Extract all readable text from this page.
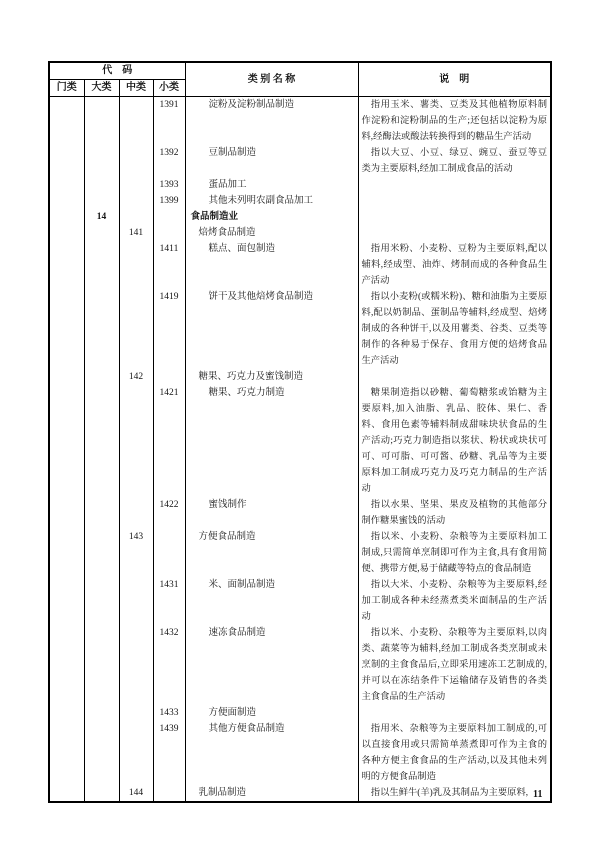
代　码				类 别 名 称	说　明
门类	大类	中类	小类		
			1391	淀粉及淀粉制品制造	指用玉米、薯类、豆类及其他植物原料制作淀粉和淀粉制品的生产;还包括以淀粉为原料,经酶法或酸法转换得到的糖品生产活动

			1392	豆制品制造	指以大豆、小豆、绿豆、豌豆、蚕豆等豆类为主要原料,经加工制成食品的活动

			1393	蛋品加工	

			1399	其他未列明农副食品加工	

	14			食品制造业	

		141		焙烤食品制造	

			1411	糕点、面包制造	指用米粉、小麦粉、豆粉为主要原料,配以辅料,经成型、油炸、烤制而成的各种食品生产活动

			1419	饼干及其他焙烤食品制造	指以小麦粉(或糯米粉)、糖和油脂为主要原料,配以奶制品、蛋制品等辅料,经成型、焙烤制成的各种饼干,以及用薯类、谷类、豆类等制作的各种易于保存、食用方便的焙烤食品生产活动

		142		糖果、巧克力及蜜饯制造	

			1421	糖果、巧克力制造	糖果制造指以砂糖、葡萄糖浆或饴糖为主要原料,加入油脂、乳品、胶体、果仁、香料、食用色素等辅料制成甜味块状食品的生产活动;巧克力制造指以浆状、粉状或块状可可、可可脂、可可酱、砂糖、乳品等为主要原料加工制成巧克力及巧克力制品的生产活动

			1422	蜜饯制作	指以水果、坚果、果皮及植物的其他部分制作糖果蜜饯的活动

		143		方便食品制造	指以米、小麦粉、杂粮等为主要原料加工制成,只需简单烹制即可作为主食,具有食用简便、携带方便,易于储藏等特点的食品制造

			1431	米、面制品制造	指以大米、小麦粉、杂粮等为主要原料,经加工制成各种未经蒸煮类米面制品的生产活动

			1432	速冻食品制造	指以米、小麦粉、杂粮等为主要原料,以肉类、蔬菜等为辅料,经加工制成各类烹制或未烹制的主食食品后,立即采用速冻工艺制成的,并可以在冻结条件下运输储存及销售的各类主食食品的生产活动

			1433	方便面制造	

			1439	其他方便食品制造	指用米、杂粮等为主要原料加工制成的,可以直接食用或只需简单蒸煮即可作为主食的各种方便主食食品的生产活动,以及其他未列明的方便食品制造

		144		乳制品制造	指以生鲜牛(羊)乳及其制品为主要原料, 11
